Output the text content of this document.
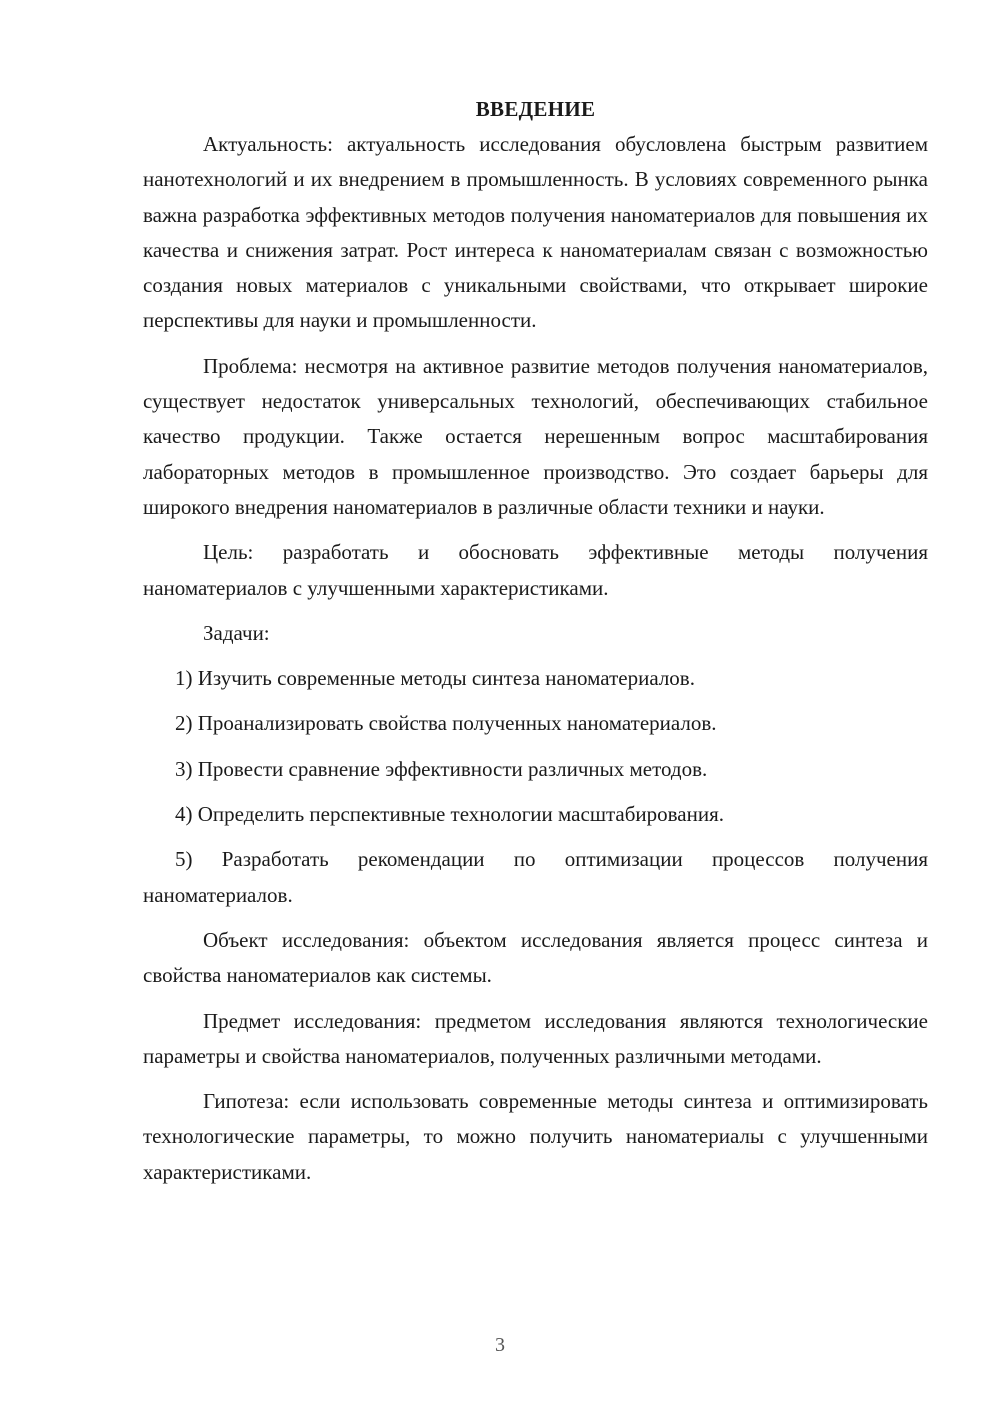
ВВЕДЕНИЕ

Актуальность: актуальность исследования обусловлена быстрым развитием нанотехнологий и их внедрением в промышленность. В условиях современного рынка важна разработка эффективных методов получения наноматериалов для повышения их качества и снижения затрат. Рост интереса к наноматериалам связан с возможностью создания новых материалов с уникальными свойствами, что открывает широкие перспективы для науки и промышленности.

Проблема: несмотря на активное развитие методов получения наноматериалов, существует недостаток универсальных технологий, обеспечивающих стабильное качество продукции. Также остается нерешенным вопрос масштабирования лабораторных методов в промышленное производство. Это создает барьеры для широкого внедрения наноматериалов в различные области техники и науки.

Цель: разработать и обосновать эффективные методы получения наноматериалов с улучшенными характеристиками.

Задачи:

1) Изучить современные методы синтеза наноматериалов.

2) Проанализировать свойства полученных наноматериалов.

3) Провести сравнение эффективности различных методов.

4) Определить перспективные технологии масштабирования.

5) Разработать рекомендации по оптимизации процессов получения наноматериалов.

Объект исследования: объектом исследования является процесс синтеза и свойства наноматериалов как системы.

Предмет исследования: предметом исследования являются технологические параметры и свойства наноматериалов, полученных различными методами.

Гипотеза: если использовать современные методы синтеза и оптимизировать технологические параметры, то можно получить наноматериалы с улучшенными характеристиками.

3
